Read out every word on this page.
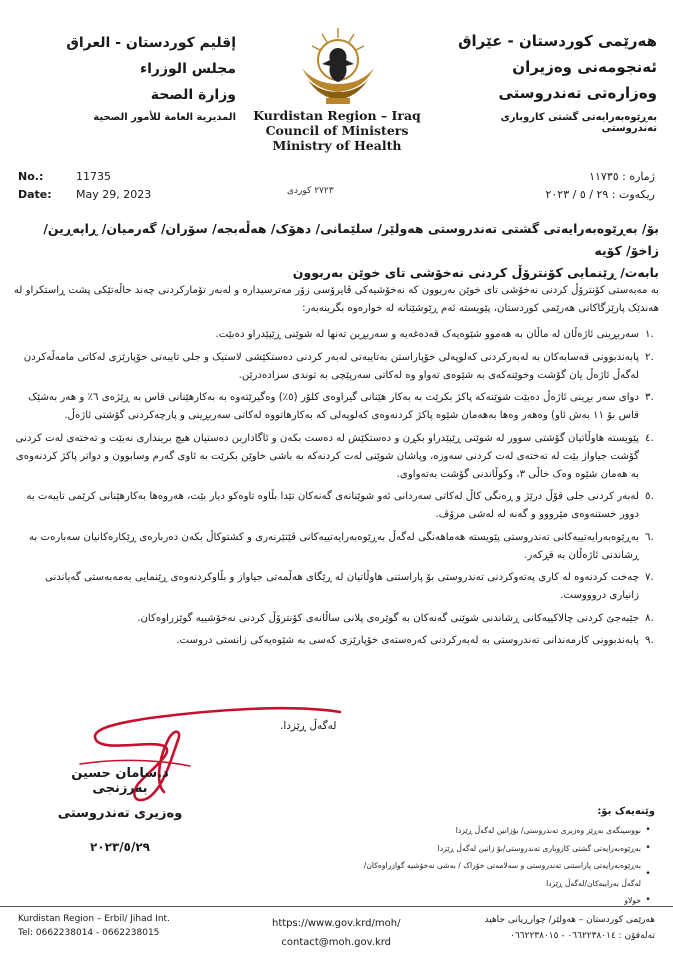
هەرێمی کوردستان - عێراق
ئەنجومەنی وەزیران
وەزارەتی تەندروستی
بەڕێوەبەرایەتی گشتی کاروباری تەندروستی
إقليم كوردستان - العراق
مجلس الوزراء
وزارة الصحة
المديرية العامة للأمور الصحية Kurdistan Region – Iraq
Council of Ministers
Ministry of Health
No.:	11735
Date: May 29, 2023	٢٧٢٣ كوردى
ژمارە : ١١٧٣٥
ریکەوت : ٢٩ / ٥ / ٢٠٢٣
بۆ/ بەڕێوەبەرایەتی گشتی تەندروستی هەولێر/ سلێمانی/ دهۆک/ هەڵەبجە/ سۆران/ گەرمیان/ ڕاپەڕین/ زاخۆ/ کۆیە
بابەت/ ڕێنمایی کۆنترۆڵ کردنی نەخۆشی تای خوێن بەربوون
بە مەبەستی کۆنترۆڵ کردنی نەخۆشی تای خوێن بەربوون کە نەخۆشیەکی ڤایرۆسی زۆر مەترسیدارە و لەبەر تۆمارکردنی چەند حاڵەتێکی پشت ڕاستکراو لە هەندێک پارێزگاکانی هەرێمی کوردستان، پێویستە ئەم ڕێوشێنانە لە خوارەوە بگرینەبەر:
١.
سەربڕینی ئاژەڵان لە ماڵان بە هەموو شێوەیەک قەدەغەیە و سەربڕین تەنها لە شوێنی ڕێپێدراو دەبێت.
٢.
پابەندبوونی قەسابەکان بە لەبەرکردنی کەلوپەلی خۆپاراستن بەتایبەتی لەبەر کردنی دەستکێشی لاستیک و جلی تایبەتی خۆپارێزی لەکاتی مامەڵەکردن لەگەڵ ئاژەڵ یان گۆشت وخوێنەکەی بە شێوەی تەواو وە لەکاتی سەرپێچی بە توندی سزادەدرێن.
٣.
دوای سەر بڕینی ئاژەڵ دەبێت شوێنەکە پاکژ بکرێت بە بەکار هێنانی گیراوەی کلۆر (٥٪) وەگیرێتەوە بە بەکارهێنانی قاس بە ڕێژەی ٦٪ و هەر بەشێک قاس بۆ ١١ بەش ئاو) وەهەر وەها بەهەمان شێوە پاکژ کردنەوەی کەلوپەلی کە بەکارهاتووە لەکاتی سەربڕینی و پارچەکردنی گۆشتی ئاژەڵ.
٤.
پێویستە هاوڵاتیان گۆشتی سوور لە شوێنی ڕێپێدراو بکڕن و دەستکێش لە دەست بکەن و ئاگاداربن دەستیان هیچ برینداری نەبێت و تەختەی لەت کردنی گۆشت جیاواز بێت لە تەختەی لەت کردنی سەوزە، وپاشان شوێنی لەت کردنەکە بە باشی خاوێن بکرێت بە ئاوی گەرم وسابوون و دواتر پاکژ کردنەوەی بە هەمان شێوە وەک خاڵی ٣، وکوڵاندنی گۆشت بەتەواوی.
٥.
لەبەر کردنی جلی قۆڵ درێژ و ڕەنگی کاڵ لەکاتی سەردانی ئەو شوێنانەی گەنەکان تێدا بڵاوە تاوەکو دیار بێت، هەروەها بەکارهێنانی کرێمی تایبەت بە دوور خستنەوەی مێرووو و گەنە لە لەشی مرۆڤ.
٦.
بەڕێوەبەرایەتییەکانی تەندروستی پێویستە هەماهەنگی لەگەڵ بەڕێوەبەرایەتییەکانی ڤێتێرنەری و کشتوکاڵ بکەن دەربارەی ڕێکارەکانیان سەبارەت بە ڕشاندنی ئاژەڵان بە قڕکەر.
٧.
چەخت کردنەوە لە کاری پەتەوکردنی تەندروستی بۆ پاراستنی هاوڵاتیان لە ڕێگای هەڵمەتی جیاواز و بڵاوکردنەوەی ڕێنمایی بەمەبەستی گەیاندنی زانیاری دروووست.
٨.
جێبەجێ کردنی چالاکییەکانی ڕشاندنی شوێنی گەنەکان بە گوێرەی پلانی ساڵانەی کۆنترۆڵ کردنی نەخۆشییە گوێزراوەکان.
٩.
پابەندبوونی کارمەندانی تەندروستی بە لەبەرکردنی کەرەستەی خۆپارێزی کەسی بە شێوەیەکی زانستی دروست.
لەگەڵ ڕێزدا.
د.سامان حسین بەرزنجی
وەزیری تەندروستی
٢٠٢٣/٥/٢٩
وێنەیەک بۆ:
•
نووسینگەی بەڕێز وەزیری تەندروستی/ بۆزانین لەگەڵ ڕێزدا
•
بەڕێوەبەرایەتی گشتی کاروباری تەندروستی/بۆ زانین لەگەڵ ڕێزدا
•
بەڕێوەبەرایەتی پاراستنی تەندروستی و سەلامەتی خۆراک / بەشی نەخۆشیە گوازراوەکان/ لەگەڵ بەرایبەکان/لەگەڵ ڕێزدا
•
خولاو
Kurdistan Region – Erbil/ Jihad Int.
Tel: 0662238014 - 0662238015
https://www.gov.krd/moh/
contact@moh.gov.krd
هەرێمی کوردستان – هەولێر/ چوارڕیانی جاهید
تەلەفۆن : ٠٦٦٢٢٣٨٠١٤ - ٠٦٦٢٢٣٨٠١٥
